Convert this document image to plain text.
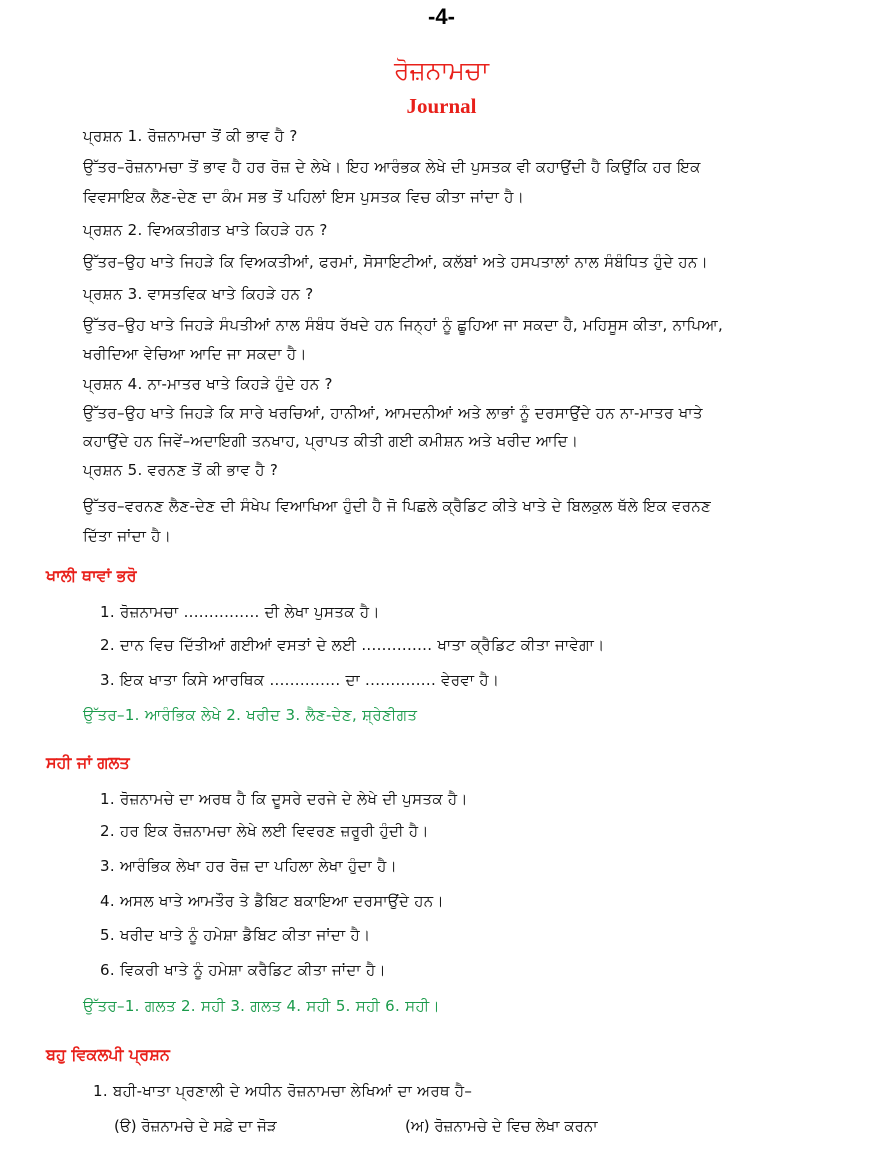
-4-
ਰੋਜ਼ਨਾਮਚਾ
Journal
ਪ੍ਰਸ਼ਨ 1. ਰੋਜ਼ਨਾਮਚਾ ਤੋਂ ਕੀ ਭਾਵ ਹੈ ?
ਉੱਤਰ–ਰੋਜ਼ਨਾਮਚਾ ਤੋਂ ਭਾਵ ਹੈ ਹਰ ਰੋਜ਼ ਦੇ ਲੇਖੇ। ਇਹ ਆਰੰਭਕ ਲੇਖੇ ਦੀ ਪੁਸਤਕ ਵੀ ਕਹਾਉਂਦੀ ਹੈ ਕਿਉਂਕਿ ਹਰ ਇਕ
ਵਿਵਸਾਇਕ ਲੈਣ-ਦੇਣ ਦਾ ਕੰਮ ਸਭ ਤੋਂ ਪਹਿਲਾਂ ਇਸ ਪੁਸਤਕ ਵਿਚ ਕੀਤਾ ਜਾਂਦਾ ਹੈ।
ਪ੍ਰਸ਼ਨ 2. ਵਿਅਕਤੀਗਤ ਖਾਤੇ ਕਿਹੜੇ ਹਨ ?
ਉੱਤਰ–ਉਹ ਖਾਤੇ ਜਿਹੜੇ ਕਿ ਵਿਅਕਤੀਆਂ, ਫਰਮਾਂ, ਸੋਸਾਇਟੀਆਂ, ਕਲੱਬਾਂ ਅਤੇ ਹਸਪਤਾਲਾਂ ਨਾਲ ਸੰਬੰਧਿਤ ਹੁੰਦੇ ਹਨ।
ਪ੍ਰਸ਼ਨ 3. ਵਾਸਤਵਿਕ ਖਾਤੇ ਕਿਹੜੇ ਹਨ ?
ਉੱਤਰ–ਉਹ ਖਾਤੇ ਜਿਹੜੇ ਸੰਪਤੀਆਂ ਨਾਲ ਸੰਬੰਧ ਰੱਖਦੇ ਹਨ ਜਿਨ੍ਹਾਂ ਨੂੰ ਛੂਹਿਆ ਜਾ ਸਕਦਾ ਹੈ, ਮਹਿਸੂਸ ਕੀਤਾ, ਨਾਪਿਆ,
ਖਰੀਦਿਆ ਵੇਚਿਆ ਆਦਿ ਜਾ ਸਕਦਾ ਹੈ।
ਪ੍ਰਸ਼ਨ 4. ਨਾ-ਮਾਤਰ ਖਾਤੇ ਕਿਹੜੇ ਹੁੰਦੇ ਹਨ ?
ਉੱਤਰ–ਉਹ ਖਾਤੇ ਜਿਹੜੇ ਕਿ ਸਾਰੇ ਖਰਚਿਆਂ, ਹਾਨੀਆਂ, ਆਮਦਨੀਆਂ ਅਤੇ ਲਾਭਾਂ ਨੂੰ ਦਰਸਾਉਂਦੇ ਹਨ ਨਾ-ਮਾਤਰ ਖਾਤੇ
ਕਹਾਉਂਦੇ ਹਨ ਜਿਵੇਂ–ਅਦਾਇਗੀ ਤਨਖਾਹ, ਪ੍ਰਾਪਤ ਕੀਤੀ ਗਈ ਕਮੀਸ਼ਨ ਅਤੇ ਖਰੀਦ ਆਦਿ।
ਪ੍ਰਸ਼ਨ 5. ਵਰਨਣ ਤੋਂ ਕੀ ਭਾਵ ਹੈ ?
ਉੱਤਰ–ਵਰਨਣ ਲੈਣ-ਦੇਣ ਦੀ ਸੰਖੇਪ ਵਿਆਖਿਆ ਹੁੰਦੀ ਹੈ ਜੋ ਪਿਛਲੇ ਕ੍ਰੈਡਿਟ ਕੀਤੇ ਖਾਤੇ ਦੇ ਬਿਲਕੁਲ ਥੱਲੇ ਇਕ ਵਰਨਣ
ਦਿੱਤਾ ਜਾਂਦਾ ਹੈ।
ਖਾਲੀ ਥਾਵਾਂ ਭਰੋ
1. ਰੋਜ਼ਨਾਮਚਾ ............... ਦੀ ਲੇਖਾ ਪੁਸਤਕ ਹੈ।
2. ਦਾਨ ਵਿਚ ਦਿੱਤੀਆਂ ਗਈਆਂ ਵਸਤਾਂ ਦੇ ਲਈ .............. ਖਾਤਾ ਕ੍ਰੈਡਿਟ ਕੀਤਾ ਜਾਵੇਗਾ।
3. ਇਕ ਖਾਤਾ ਕਿਸੇ ਆਰਥਿਕ .............. ਦਾ .............. ਵੇਰਵਾ ਹੈ।
ਉੱਤਰ–1. ਆਰੰਭਿਕ ਲੇਖੇ 2. ਖਰੀਦ 3. ਲੈਣ-ਦੇਣ, ਸ਼੍ਰੇਣੀਗਤ
ਸਹੀ ਜਾਂ ਗਲਤ
1. ਰੋਜ਼ਨਾਮਚੇ ਦਾ ਅਰਥ ਹੈ ਕਿ ਦੂਸਰੇ ਦਰਜੇ ਦੇ ਲੇਖੇ ਦੀ ਪੁਸਤਕ ਹੈ।
2. ਹਰ ਇਕ ਰੋਜ਼ਨਾਮਚਾ ਲੇਖੇ ਲਈ ਵਿਵਰਣ ਜ਼ਰੂਰੀ ਹੁੰਦੀ ਹੈ।
3. ਆਰੰਭਿਕ ਲੇਖਾ ਹਰ ਰੋਜ਼ ਦਾ ਪਹਿਲਾ ਲੇਖਾ ਹੁੰਦਾ ਹੈ।
4. ਅਸਲ ਖਾਤੇ ਆਮਤੌਰ ਤੇ ਡੈਬਿਟ ਬਕਾਇਆ ਦਰਸਾਉਂਦੇ ਹਨ।
5. ਖਰੀਦ ਖਾਤੇ ਨੂੰ ਹਮੇਸ਼ਾ ਡੈਬਿਟ ਕੀਤਾ ਜਾਂਦਾ ਹੈ।
6. ਵਿਕਰੀ ਖਾਤੇ ਨੂੰ ਹਮੇਸ਼ਾ ਕਰੈਡਿਟ ਕੀਤਾ ਜਾਂਦਾ ਹੈ।
ਉੱਤਰ–1. ਗਲਤ 2. ਸਹੀ 3. ਗਲਤ 4. ਸਹੀ 5. ਸਹੀ 6. ਸਹੀ।
ਬਹੁ ਵਿਕਲਪੀ ਪ੍ਰਸ਼ਨ
1. ਬਹੀ-ਖਾਤਾ ਪ੍ਰਣਾਲੀ ਦੇ ਅਧੀਨ ਰੋਜ਼ਨਾਮਚਾ ਲੇਖਿਆਂ ਦਾ ਅਰਥ ਹੈ–
(ੳ) ਰੋਜ਼ਨਾਮਚੇ ਦੇ ਸਫ਼ੇ ਦਾ ਜੋੜ	(ਅ) ਰੋਜ਼ਨਾਮਚੇ ਦੇ ਵਿਚ ਲੇਖਾ ਕਰਨਾ
